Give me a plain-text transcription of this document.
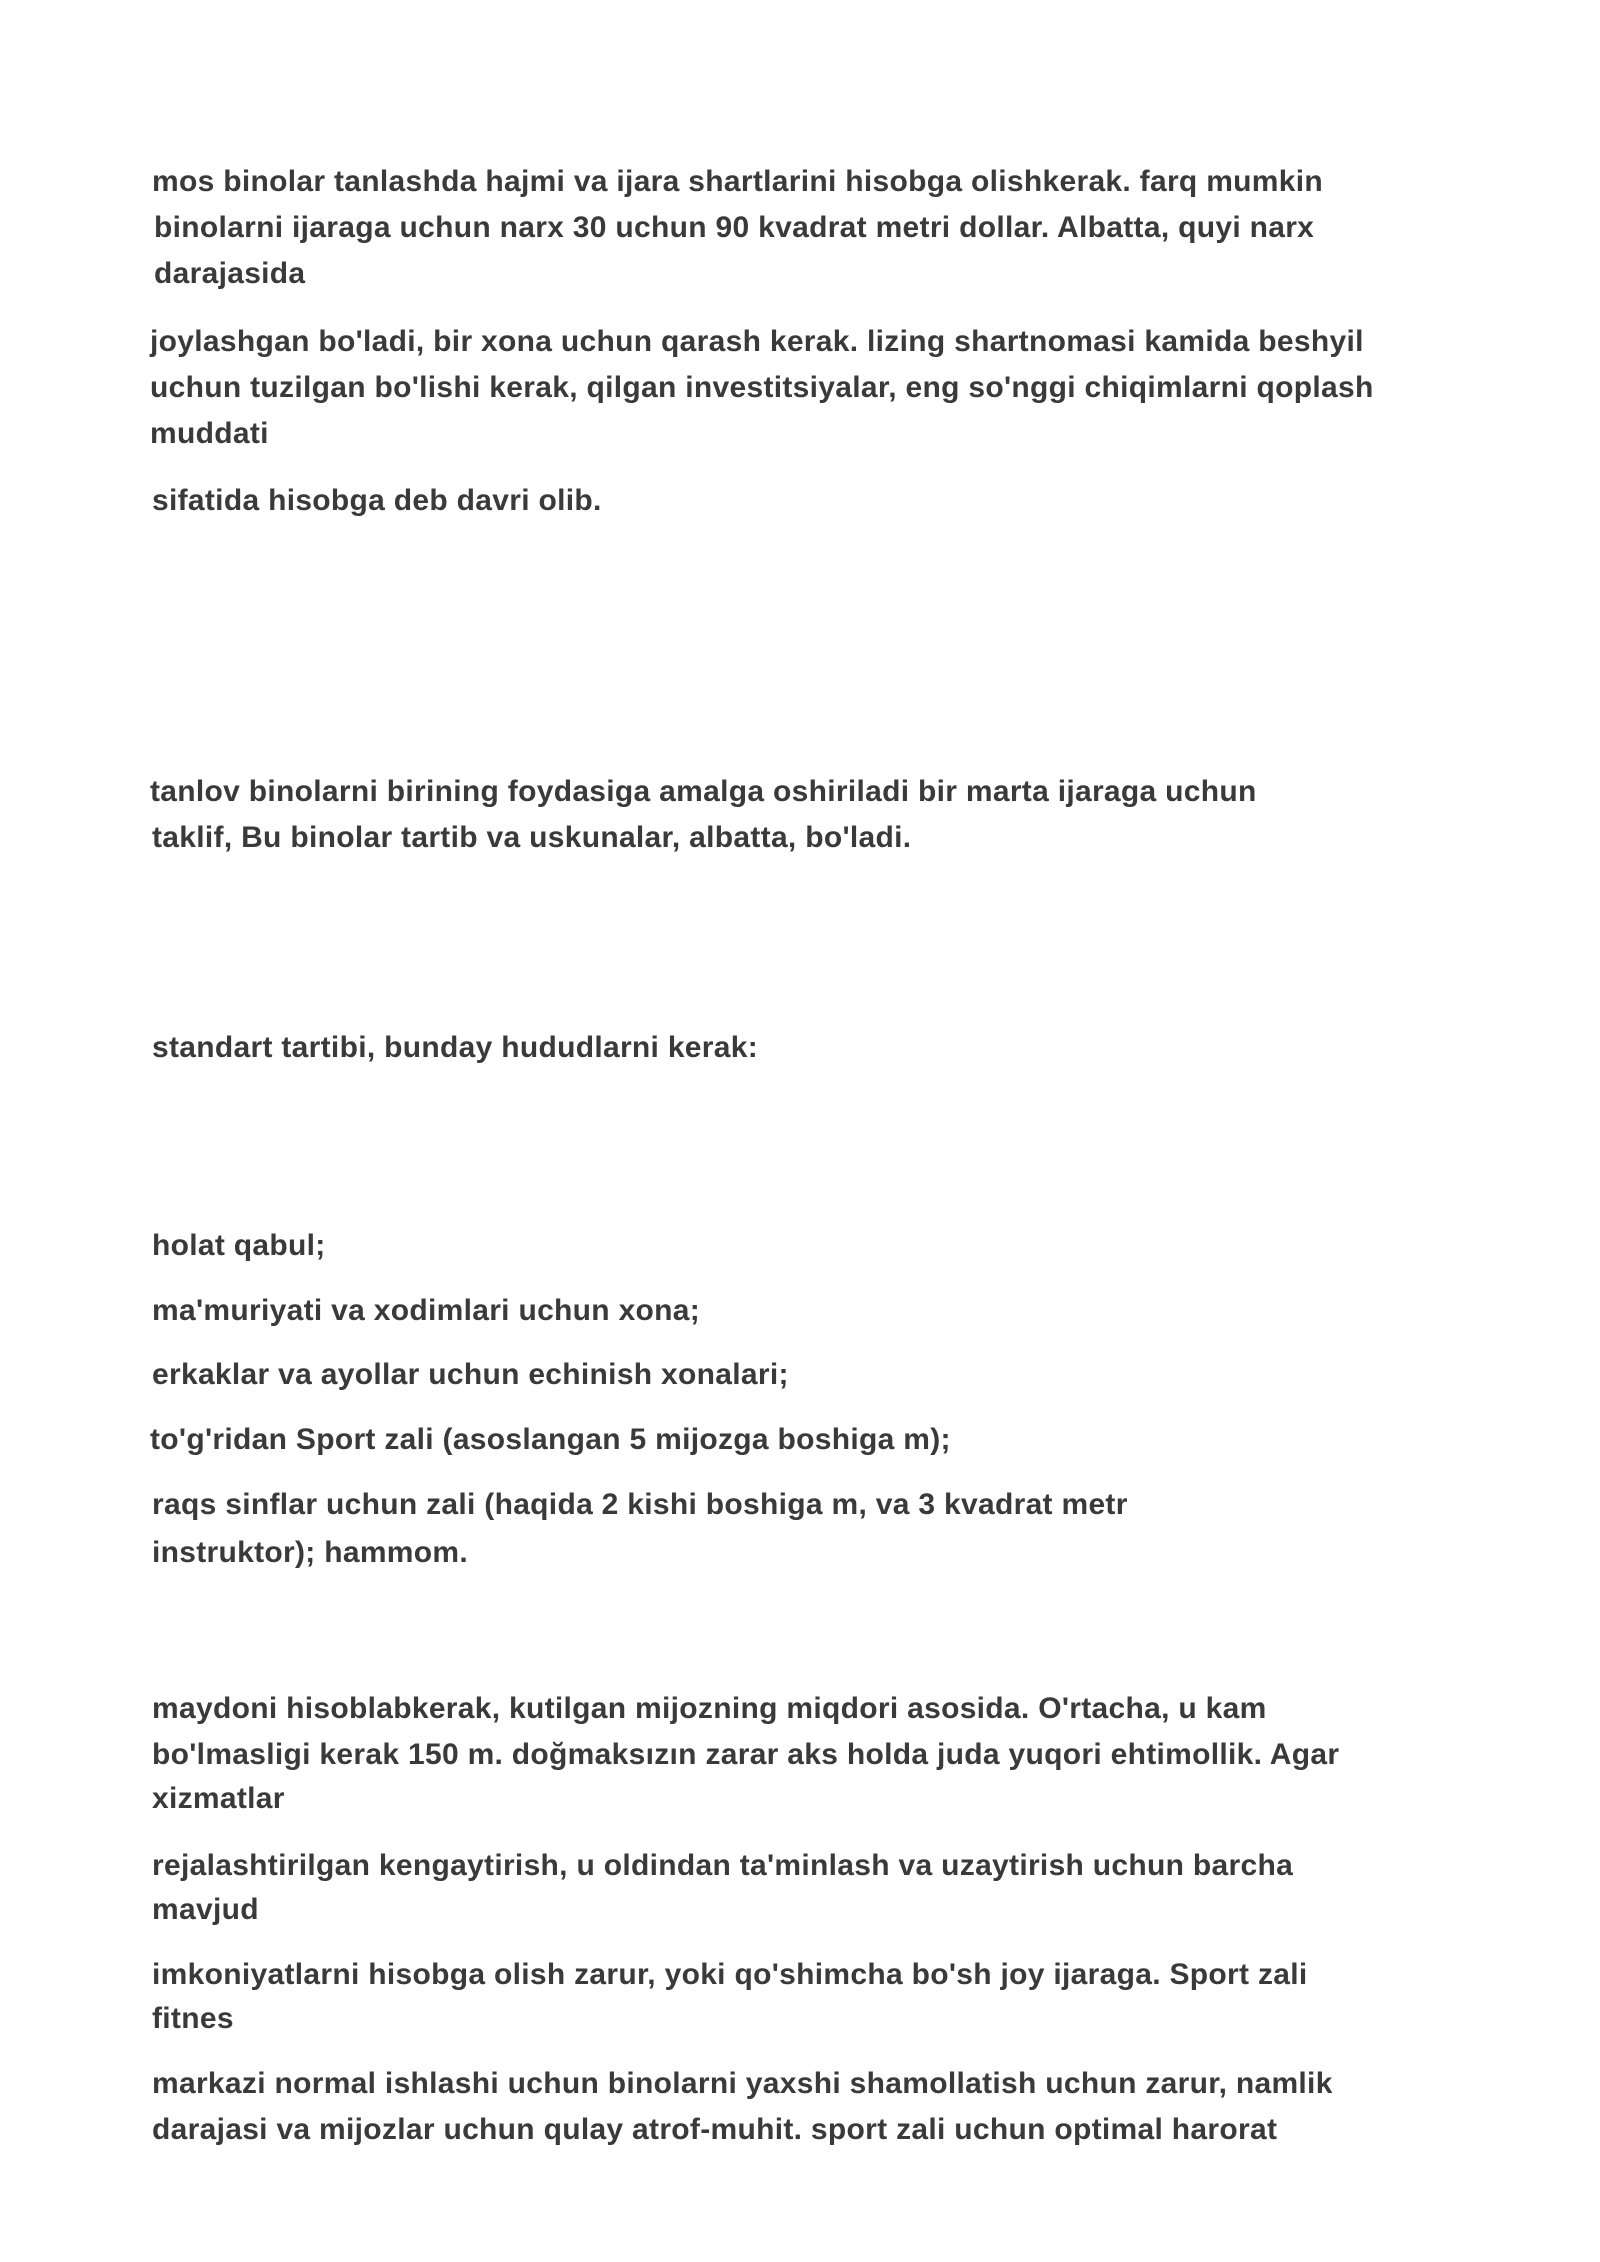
mos binolar tanlashda hajmi va ijara shartlarini hisobga olishkerak. farq mumkin
binolarni ijaraga uchun narx 30 uchun 90 kvadrat metri dollar. Albatta, quyi narx
darajasida
joylashgan bo'ladi, bir xona uchun qarash kerak. lizing shartnomasi kamida beshyil
uchun tuzilgan bo'lishi kerak, qilgan investitsiyalar, eng so'nggi chiqimlarni qoplash
muddati
sifatida hisobga deb davri olib.
tanlov binolarni birining foydasiga amalga oshiriladi bir marta ijaraga uchun
taklif, Bu binolar tartib va uskunalar, albatta, bo'ladi.
standart tartibi, bunday hududlarni kerak:
holat qabul;
ma'muriyati va xodimlari uchun xona;
erkaklar va ayollar uchun echinish xonalari;
to'g'ridan Sport zali (asoslangan 5 mijozga boshiga m);
raqs sinflar uchun zali (haqida 2 kishi boshiga m, va 3 kvadrat metr
instruktor); hammom.
maydoni hisoblabkerak, kutilgan mijozning miqdori asosida. O'rtacha, u kam
bo'lmasligi kerak 150 m. doğmaksızın zarar aks holda juda yuqori ehtimollik. Agar
xizmatlar
rejalashtirilgan kengaytirish, u oldindan ta'minlash va uzaytirish uchun barcha
mavjud
imkoniyatlarni hisobga olish zarur, yoki qo'shimcha bo'sh joy ijaraga. Sport zali
fitnes
markazi normal ishlashi uchun binolarni yaxshi shamollatish uchun zarur, namlik
darajasi va mijozlar uchun qulay atrof-muhit. sport zali uchun optimal harorat
